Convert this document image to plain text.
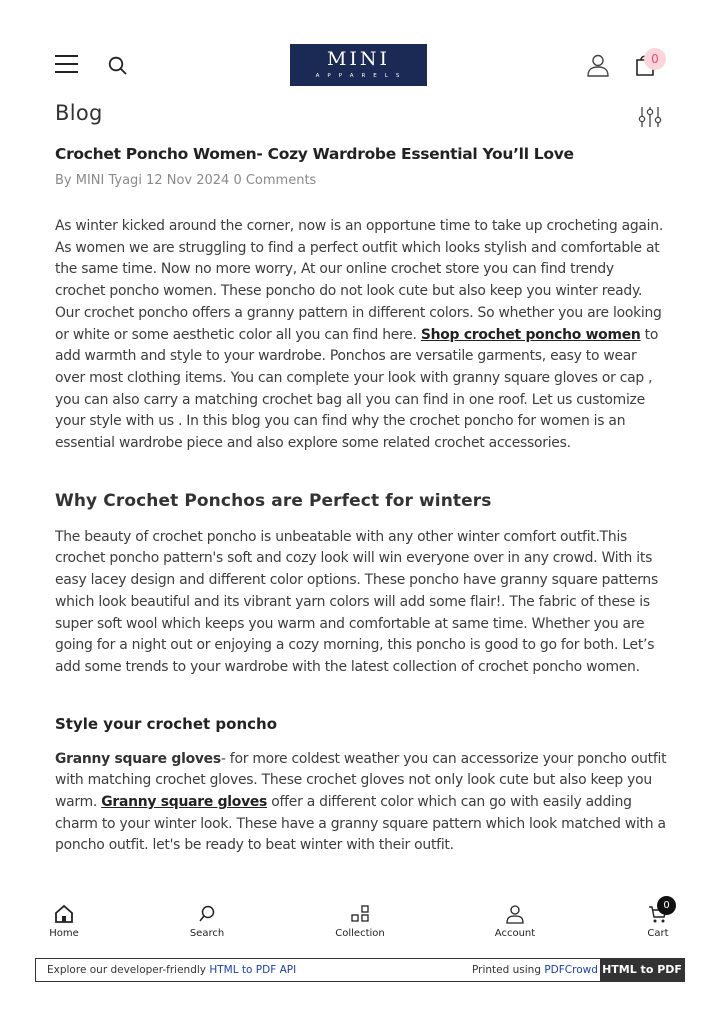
MINI
APPARELS
0
Blog
Crochet Poncho Women- Cozy Wardrobe Essential You’ll Love
By MINI Tyagi 12 Nov 2024 0 Comments

As winter kicked around the corner, now is an opportune time to take up crocheting again. As women we are struggling to find a perfect outfit which looks stylish and comfortable at the same time. Now no more worry, At our online crochet store you can find trendy crochet poncho women. These poncho do not look cute but also keep you winter ready. Our crochet poncho offers a granny pattern in different colors. So whether you are looking or white or some aesthetic color all you can find here. Shop crochet poncho women to add warmth and style to your wardrobe. Ponchos are versatile garments, easy to wear over most clothing items. You can complete your look with granny square gloves or cap , you can also carry a matching crochet bag all you can find in one roof. Let us customize your style with us . In this blog you can find why the crochet poncho for women is an essential wardrobe piece and also explore some related crochet accessories.

Why Crochet Ponchos are Perfect for winters

The beauty of crochet poncho is unbeatable with any other winter comfort outfit.This crochet poncho pattern's soft and cozy look will win everyone over in any crowd. With its easy lacey design and different color options. These poncho have granny square patterns which look beautiful and its vibrant yarn colors will add some flair!. The fabric of these is super soft wool which keeps you warm and comfortable at same time. Whether you are going for a night out or enjoying a cozy morning, this poncho is good to go for both. Let’s add some trends to your wardrobe with the latest collection of crochet poncho women.

Style your crochet poncho

Granny square gloves- for more coldest weather you can accessorize your poncho outfit with matching crochet gloves. These crochet gloves not only look cute but also keep you warm. Granny square gloves offer a different color which can go with easily adding charm to your winter look. These have a granny square pattern which look matched with a poncho outfit. let's be ready to beat winter with their outfit.

Home	Search	Collection	Account	Cart
0
Explore our developer-friendly HTML to PDF API	Printed using PDFCrowd HTML to PDF
